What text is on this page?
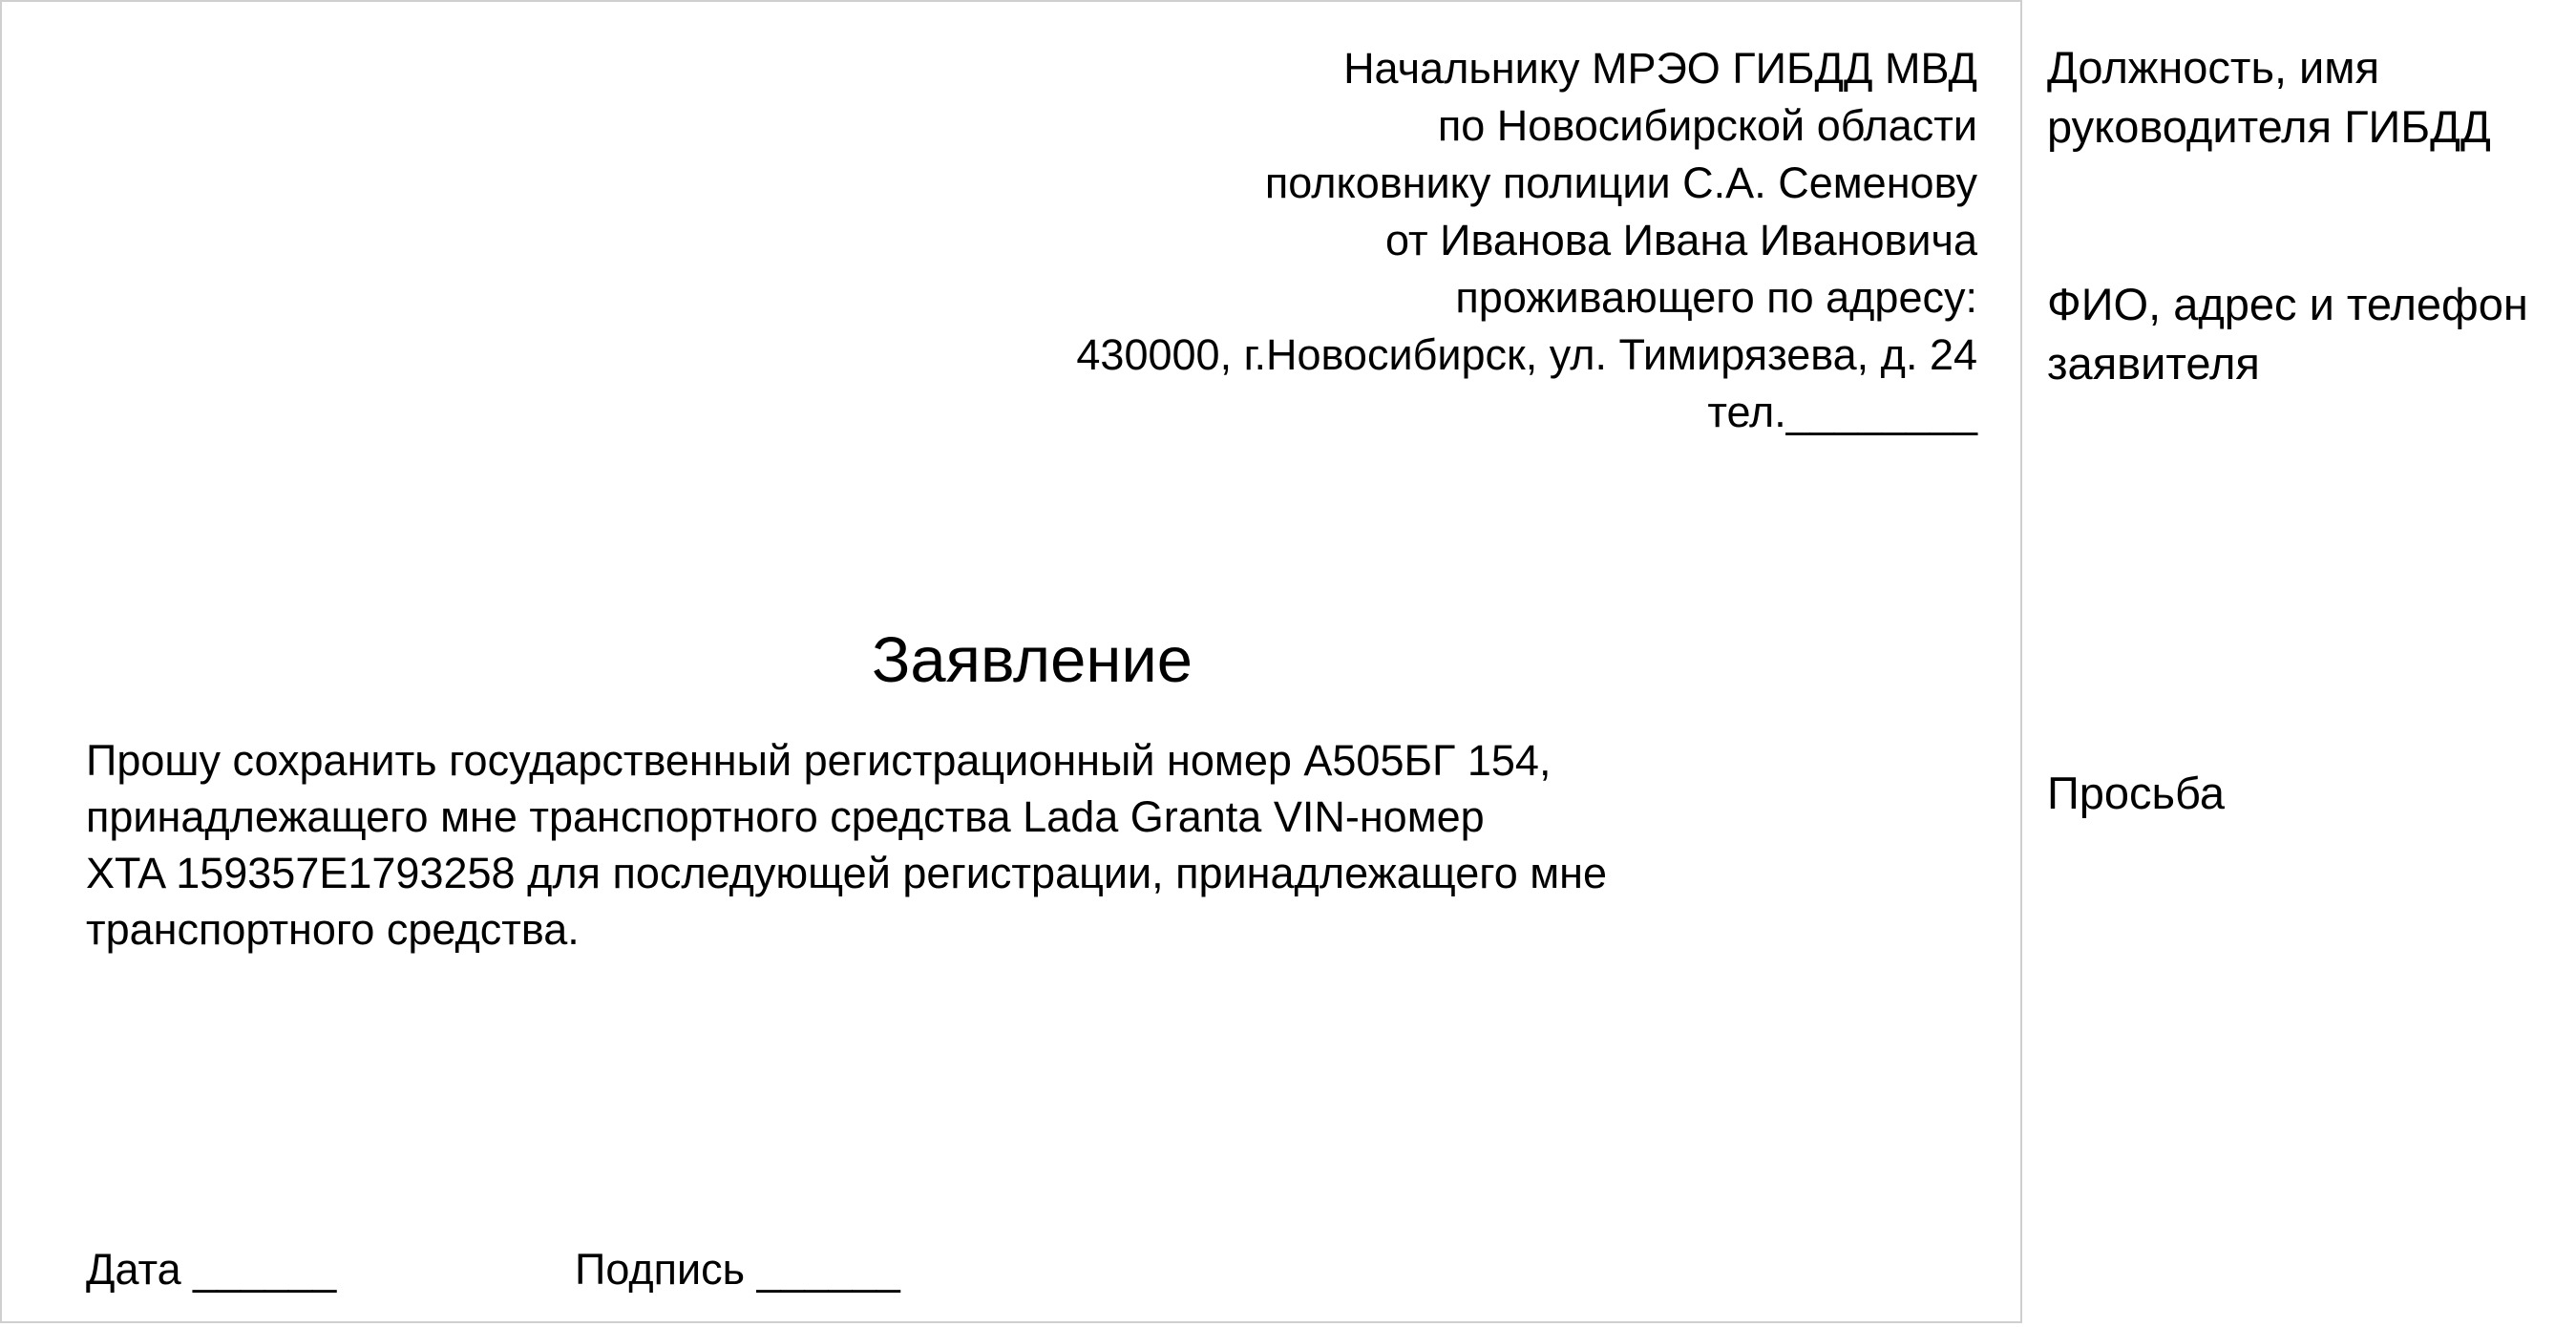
Начальнику МРЭО ГИБДД МВД
по Новосибирской области
полковнику полиции С.А. Семенову
от Иванова Ивана Ивановича
проживающего по адресу:
430000, г.Новосибирск, ул. Тимирязева, д. 24
тел.________
Заявление
Прошу сохранить государственный регистрационный номер А505БГ 154,
принадлежащего мне транспортного средства Lada Granta VIN-номер
XTA 159357E1793258 для последующей регистрации, принадлежащего мне
транспортного средства.
Дата ______	Подпись ______
Должность, имя
руководителя ГИБДД
ФИО, адрес и телефон
заявителя
Просьба
